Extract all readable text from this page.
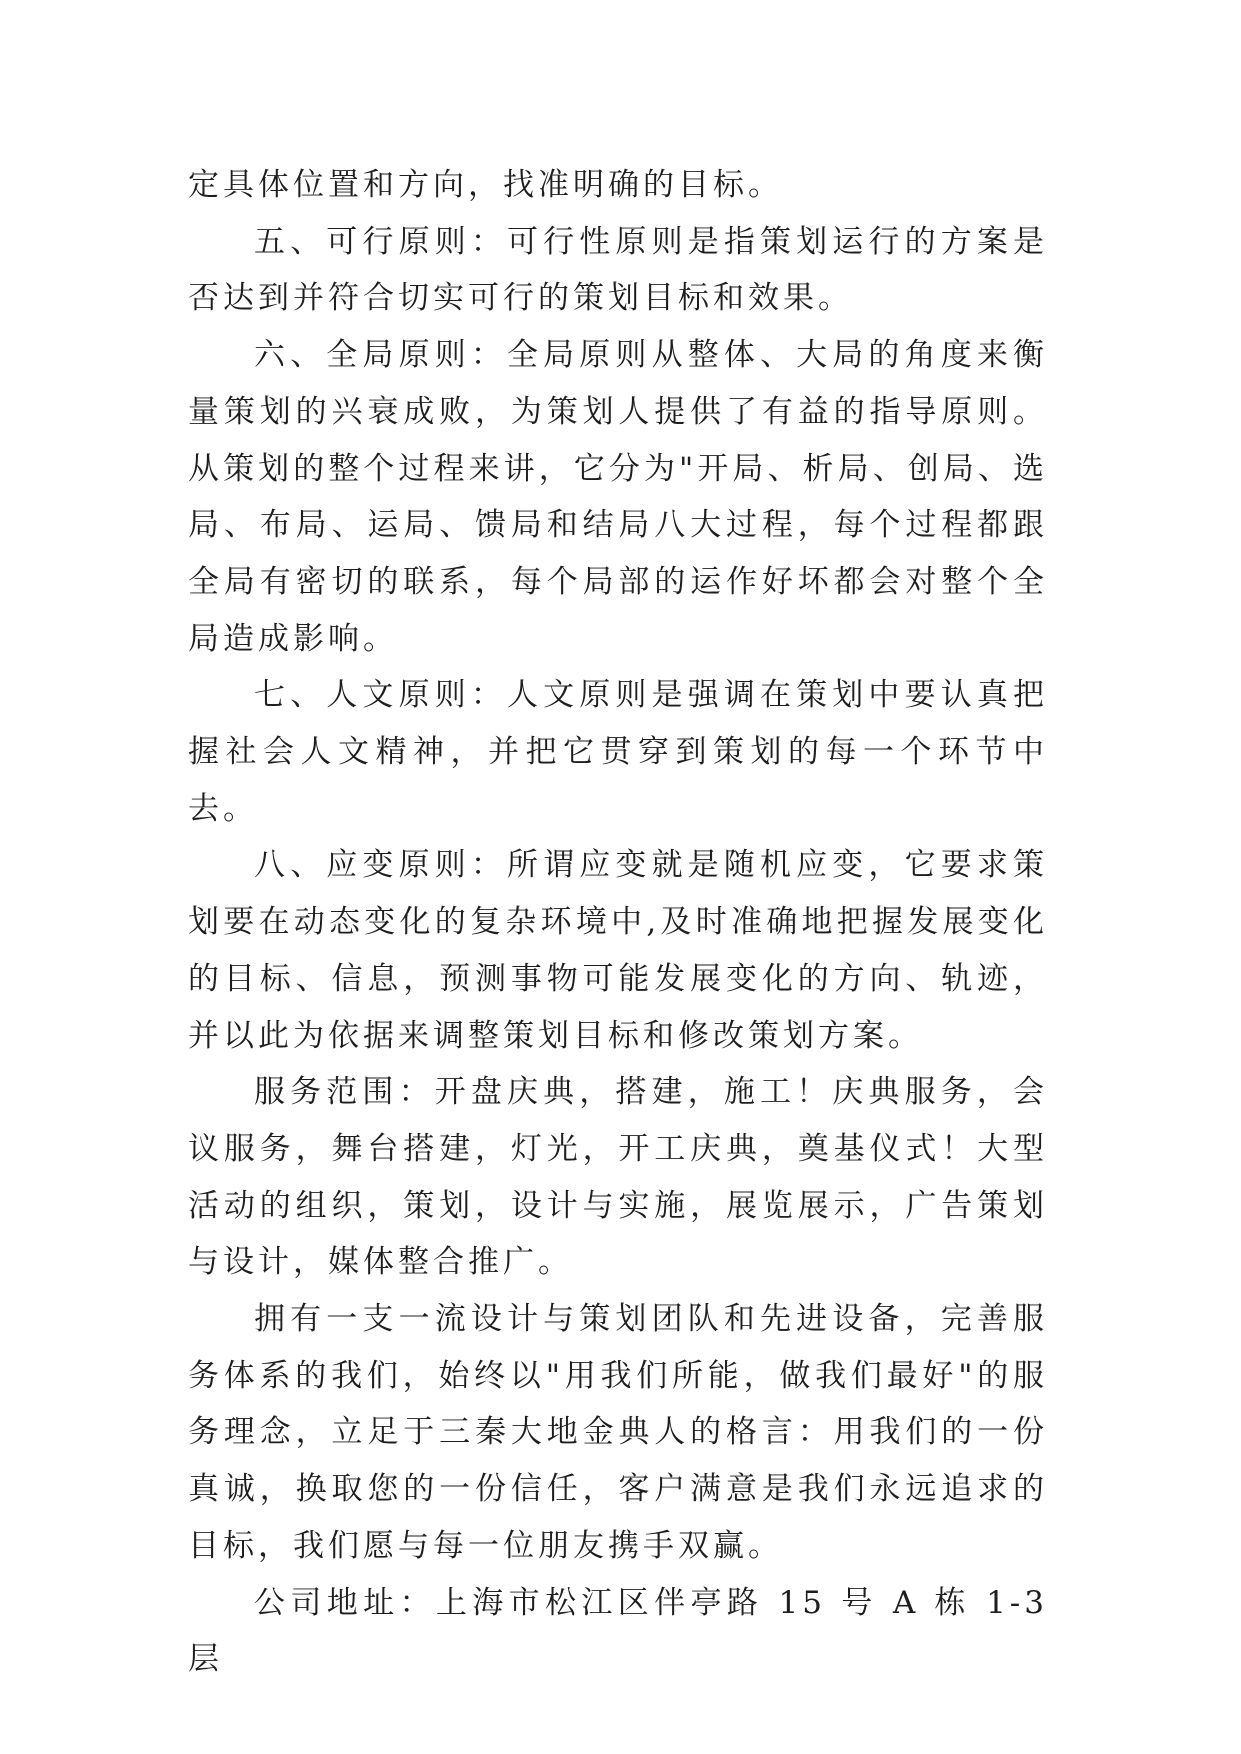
定具体位置和方向，找准明确的目标。

五、可行原则：可行性原则是指策划运行的方案是否达到并符合切实可行的策划目标和效果。

六、全局原则：全局原则从整体、大局的角度来衡量策划的兴衰成败，为策划人提供了有益的指导原则。从策划的整个过程来讲，它分为"开局、析局、创局、选局、布局、运局、馈局和结局八大过程，每个过程都跟全局有密切的联系，每个局部的运作好坏都会对整个全局造成影响。

七、人文原则：人文原则是强调在策划中要认真把握社会人文精神，并把它贯穿到策划的每一个环节中去。

八、应变原则：所谓应变就是随机应变，它要求策划要在动态变化的复杂环境中,及时准确地把握发展变化的目标、信息，预测事物可能发展变化的方向、轨迹，并以此为依据来调整策划目标和修改策划方案。

服务范围：开盘庆典，搭建，施工！庆典服务，会议服务，舞台搭建，灯光，开工庆典，奠基仪式！大型活动的组织，策划，设计与实施，展览展示，广告策划与设计，媒体整合推广。

拥有一支一流设计与策划团队和先进设备，完善服务体系的我们，始终以"用我们所能，做我们最好"的服务理念，立足于三秦大地金典人的格言：用我们的一份真诚，换取您的一份信任，客户满意是我们永远追求的目标，我们愿与每一位朋友携手双赢。

公司地址：上海市松江区伴亭路 15 号 A 栋 1-3 层
